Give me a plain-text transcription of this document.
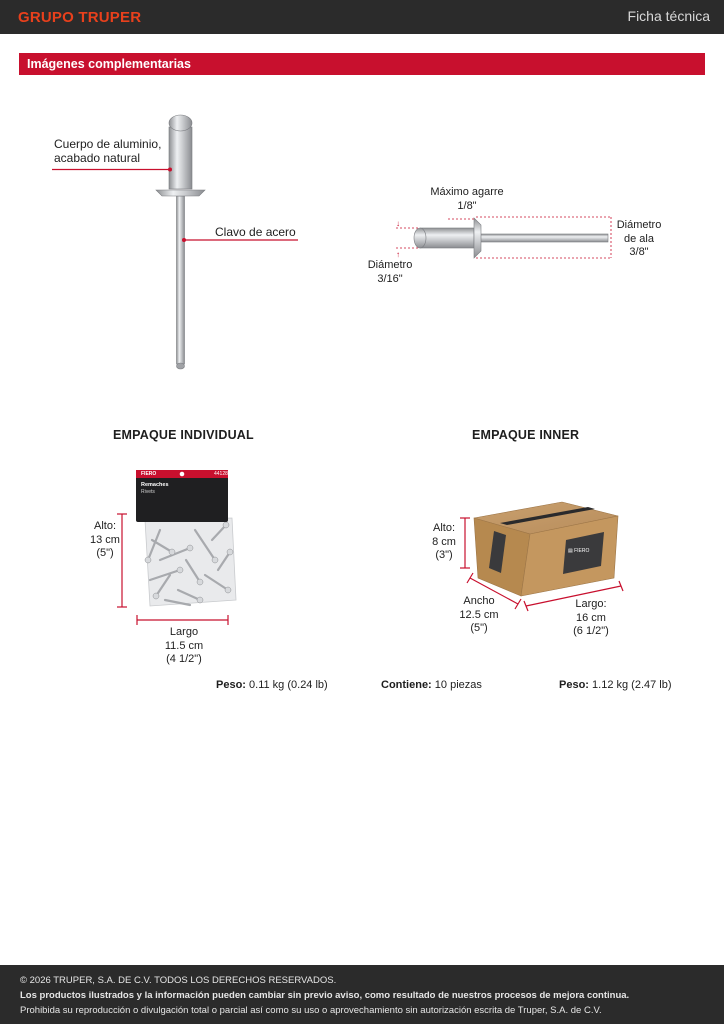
GRUPO TRUPER	Ficha técnica
Imágenes complementarias
↓
↑
▤ FIERO
FIERO	44128
Remaches
Rivets
Cuerpo de aluminio,
acabado natural
Clavo de acero
Máximo agarre
1/8"
Diámetro
de ala
3/8"
Diámetro
3/16"
EMPAQUE INDIVIDUAL
Alto:
13 cm
(5")
Largo
11.5 cm
(4 1/2")
Peso: 0.11 kg (0.24 lb)
EMPAQUE INNER
Alto:
8 cm
(3")
Ancho
12.5 cm
(5")
Largo:
16 cm
(6 1/2")
Contiene: 10 piezas	Peso: 1.12 kg (2.47 lb)
© 2026 TRUPER, S.A. DE C.V. TODOS LOS DERECHOS RESERVADOS.
Los productos ilustrados y la información pueden cambiar sin previo aviso, como resultado de nuestros procesos de mejora continua.
Prohibida su reproducción o divulgación total o parcial así como su uso o aprovechamiento sin autorización escrita de Truper, S.A. de C.V.
